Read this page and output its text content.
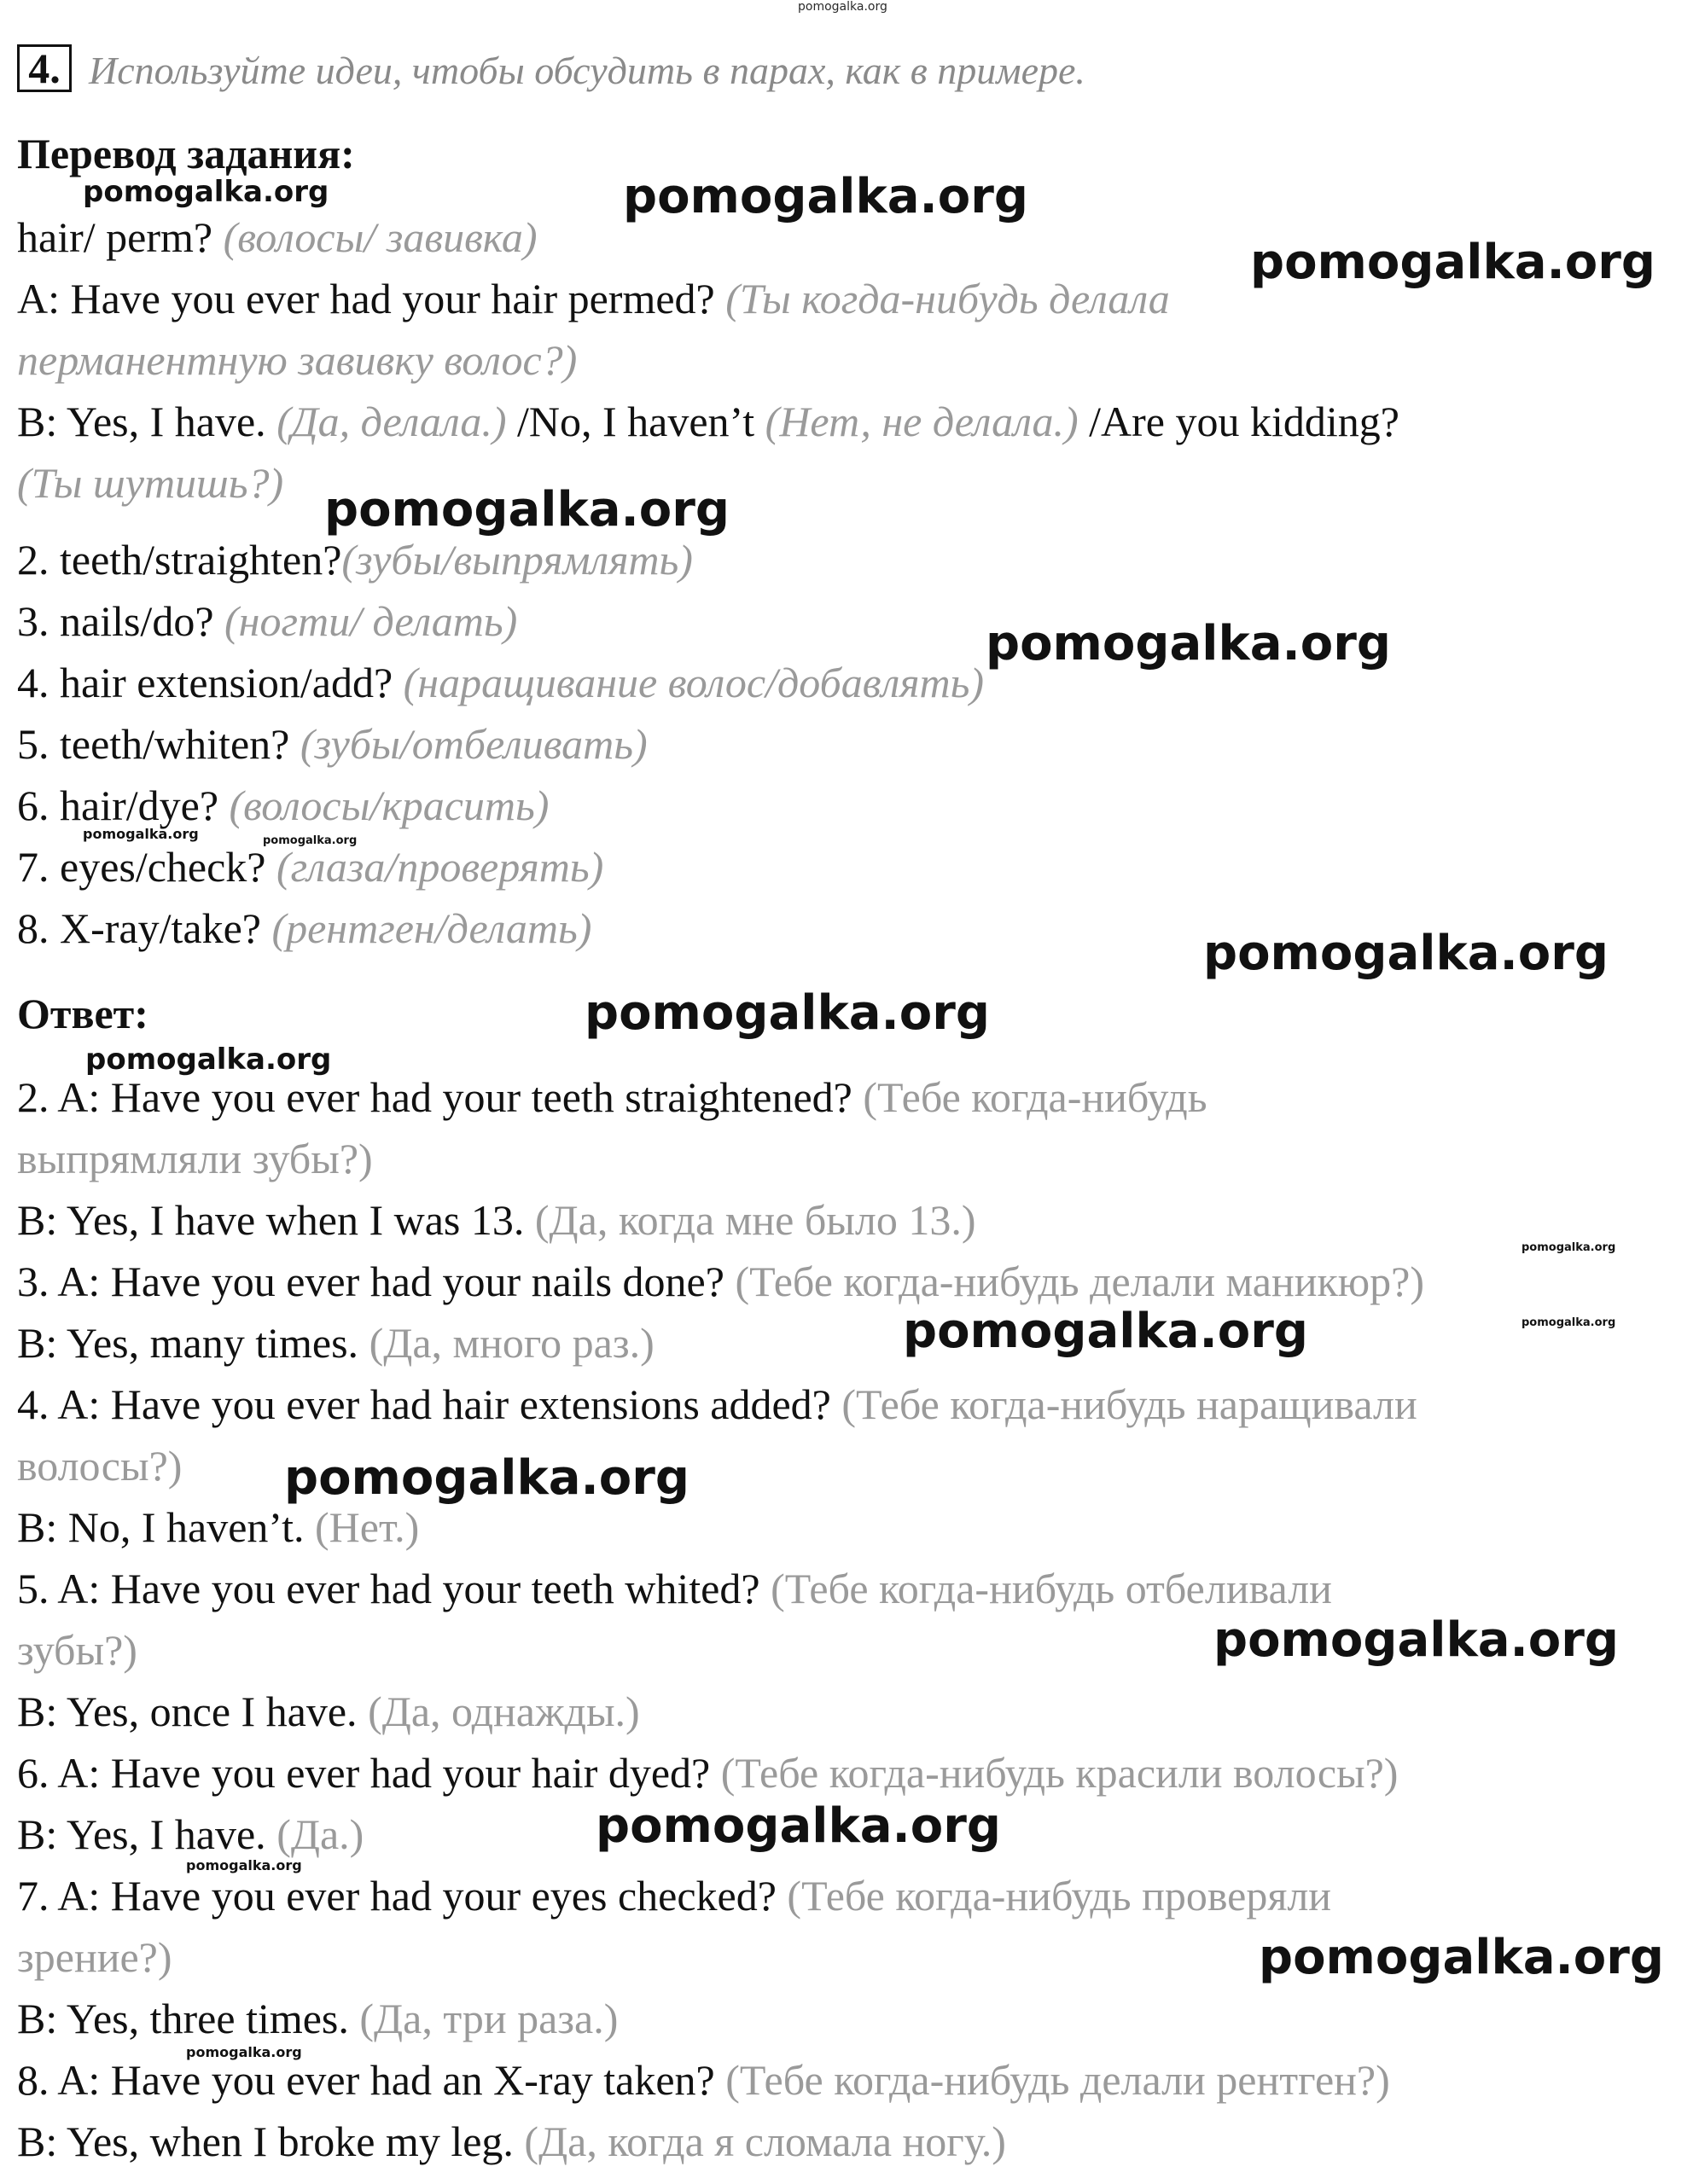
pomogalka.org
4. Используйте идеи, чтобы обсудить в парах, как в примере.
Перевод задания:
hair/ perm? (волосы/ завивка)
A: Have you ever had your hair permed? (Ты когда-нибудь делала
перманентную завивку волос?)
B: Yes, I have. (Да, делала.) /No, I haven’t (Нет, не делала.) /Are you kidding?
(Ты шутишь?)
2. teeth/straighten?(зубы/выпрямлять)
3. nails/do? (ногти/ делать)
4. hair extension/add? (наращивание волос/добавлять)
5. teeth/whiten? (зубы/отбеливать)
6. hair/dye? (волосы/красить)
7. eyes/check? (глаза/проверять)
8. X-ray/take? (рентген/делать)
Ответ:
2. A: Have you ever had your teeth straightened? (Тебе когда-нибудь
выпрямляли зубы?)
B: Yes, I have when I was 13. (Да, когда мне было 13.)
3. A: Have you ever had your nails done? (Тебе когда-нибудь делали маникюр?)
B: Yes, many times. (Да, много раз.)
4. A: Have you ever had hair extensions added? (Тебе когда-нибудь наращивали
волосы?)
B: No, I haven’t. (Нет.)
5. A: Have you ever had your teeth whited? (Тебе когда-нибудь отбеливали
зубы?)
B: Yes, once I have. (Да, однажды.)
6. A: Have you ever had your hair dyed? (Тебе когда-нибудь красили волосы?)
B: Yes, I have. (Да.)
7. A: Have you ever had your eyes checked? (Тебе когда-нибудь проверяли
зрение?)
B: Yes, three times. (Да, три раза.)
8. A: Have you ever had an X-ray taken? (Тебе когда-нибудь делали рентген?)
B: Yes, when I broke my leg. (Да, когда я сломала ногу.)
pomogalka.org	pomogalka.org
pomogalka.org
pomogalka.org
pomogalka.org
pomogalka.org	pomogalka.org
pomogalka.org
pomogalka.org
pomogalka.org
pomogalka.org
pomogalka.org
pomogalka.org
pomogalka.org
pomogalka.org
pomogalka.org
pomogalka.org
pomogalka.org
pomogalka.org
